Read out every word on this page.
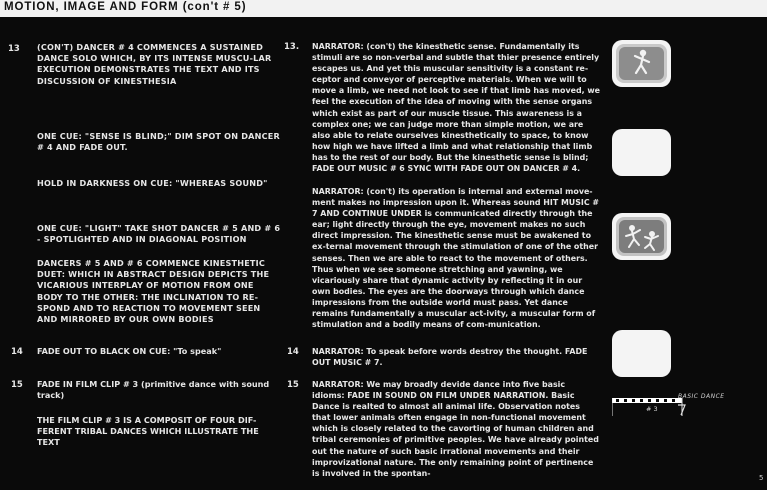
MOTION, IMAGE AND FORM (con't # 5)
13 (CON'T) DANCER # 4 COMMENCES A SUSTAINED DANCE SOLO WHICH, BY ITS INTENSE MUSCU-LAR EXECUTION DEMONSTRATES THE TEXT AND ITS DISCUSSION OF KINESTHESIA
ONE CUE: "SENSE IS BLIND;" DIM SPOT ON DANCER # 4 AND FADE OUT.
HOLD IN DARKNESS ON CUE: "WHEREAS SOUND"
ONE CUE: "LIGHT" TAKE SHOT DANCER # 5 AND # 6 - SPOTLIGHTED AND IN DIAGONAL POSITION
DANCERS # 5 AND # 6 COMMENCE KINESTHETIC DUET: WHICH IN ABSTRACT DESIGN DEPICTS THE VICARIOUS INTERPLAY OF MOTION FROM ONE BODY TO THE OTHER: THE INCLINATION TO RE-SPOND AND TO REACTION TO MOVEMENT SEEN AND MIRRORED BY OUR OWN BODIES
14 FADE OUT TO BLACK ON CUE: "To speak"
15 FADE IN FILM CLIP # 3 (primitive dance with sound track)
THE FILM CLIP # 3 IS A COMPOSIT OF FOUR DIF-FERENT TRIBAL DANCES WHICH ILLUSTRATE THE TEXT
13. NARRATOR: (con't) the kinesthetic sense. Fundamentally its stimuli are so non-verbal and subtle that thier presence entirely escapes us. And yet this muscular sensitivity is a constant re-ceptor and conveyor of perceptive materials. When we will to move a limb, we need not look to see if that limb has moved, we feel the execution of the idea of moving with the sense organs which exist as part of our muscle tissue. This awareness is a complex one; we can judge more than simple motion, we are also able to relate ourselves kinesthetically to space, to know how high we have lifted a limb and what relationship that limb has to the rest of our body. But the kinesthetic sense is blind; FADE OUT MUSIC # 6 SYNC WITH FADE OUT ON DANCER # 4.
NARRATOR: (con't) its operation is internal and external move-ment makes no impression upon it. Whereas sound HIT MUSIC # 7 AND CONTINUE UNDER is communicated directly through the ear; light directly through the eye, movement makes no such direct impression. The kinesthetic sense must be awakened to ex-ternal movement through the stimulation of one of the other senses. Then we are able to react to the movement of others. Thus when we see someone stretching and yawning, we vicariously share that dynamic activity by reflecting it in our own bodies. The eyes are the doorways through which dance impressions from the outside world must pass. Yet dance remains fundamentally a muscular act-ivity, a muscular form of stimulation and a bodily means of com-munication.
14 NARRATOR: To speak before words destroy the thought. FADE OUT MUSIC # 7.
15 NARRATOR: We may broadly devide dance into five basic idioms: FADE IN SOUND ON FILM UNDER NARRATION. Basic Dance is realted to almost all animal life. Observation notes that lower animals often engage in non-functional movement which is closely related to the cavorting of human children and tribal ceremonies of primitive peoples. We have already pointed out the nature of such basic irrational movements and their improvizational nature. The only remaining point of pertinence is involved in the spontan-
# 3
BASIC DANCE
5
